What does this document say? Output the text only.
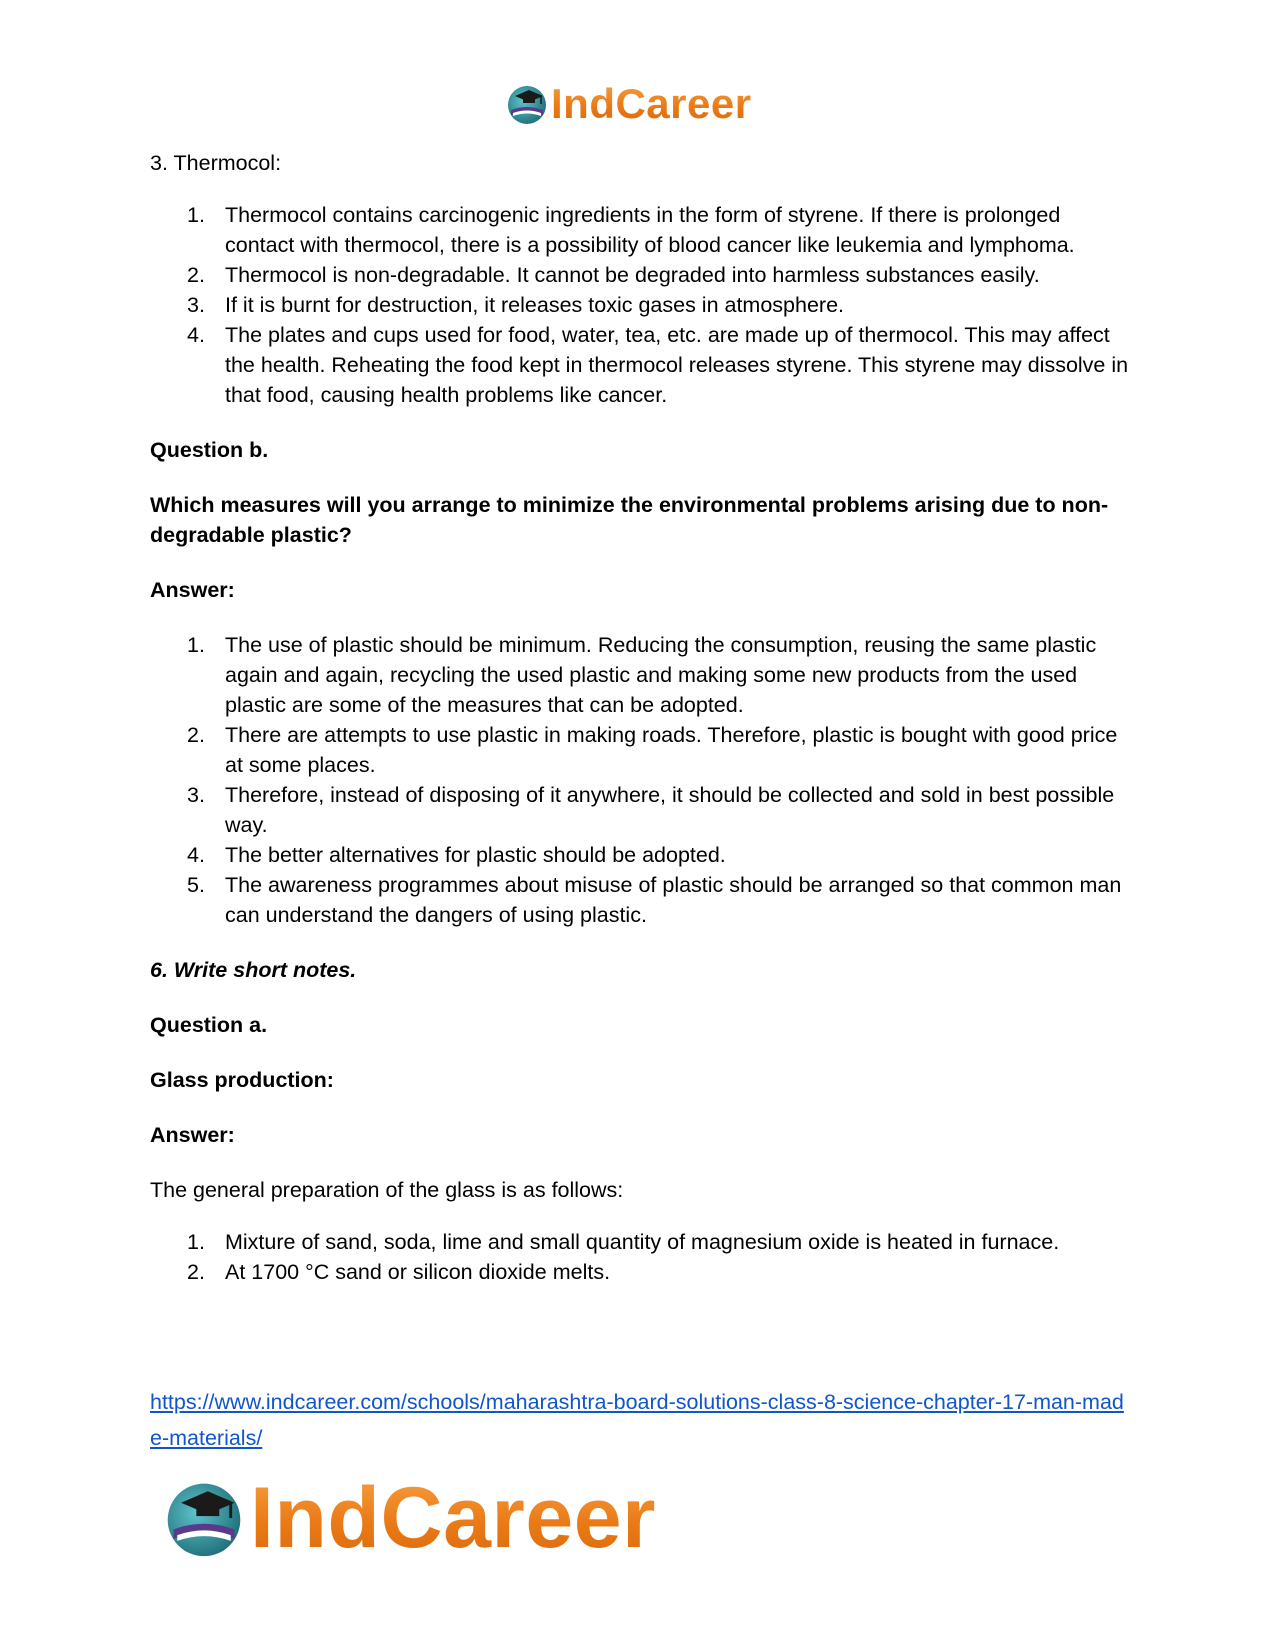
IndCareer

3. Thermocol:

1. Thermocol contains carcinogenic ingredients in the form of styrene. If there is prolonged contact with thermocol, there is a possibility of blood cancer like leukemia and lymphoma.
2. Thermocol is non-degradable. It cannot be degraded into harmless substances easily.
3. If it is burnt for destruction, it releases toxic gases in atmosphere.
4. The plates and cups used for food, water, tea, etc. are made up of thermocol. This may affect the health. Reheating the food kept in thermocol releases styrene. This styrene may dissolve in that food, causing health problems like cancer.

Question b.

Which measures will you arrange to minimize the environmental problems arising due to non-degradable plastic?

Answer:

1. The use of plastic should be minimum. Reducing the consumption, reusing the same plastic again and again, recycling the used plastic and making some new products from the used plastic are some of the measures that can be adopted.
2. There are attempts to use plastic in making roads. Therefore, plastic is bought with good price at some places.
3. Therefore, instead of disposing of it anywhere, it should be collected and sold in best possible way.
4. The better alternatives for plastic should be adopted.
5. The awareness programmes about misuse of plastic should be arranged so that common man can understand the dangers of using plastic.

6. Write short notes.

Question a.

Glass production:

Answer:

The general preparation of the glass is as follows:

1. Mixture of sand, soda, lime and small quantity of magnesium oxide is heated in furnace.
2. At 1700 °C sand or silicon dioxide melts.
https://www.indcareer.com/schools/maharashtra-board-solutions-class-8-science-chapter-17-man-made-materials/
IndCareer
